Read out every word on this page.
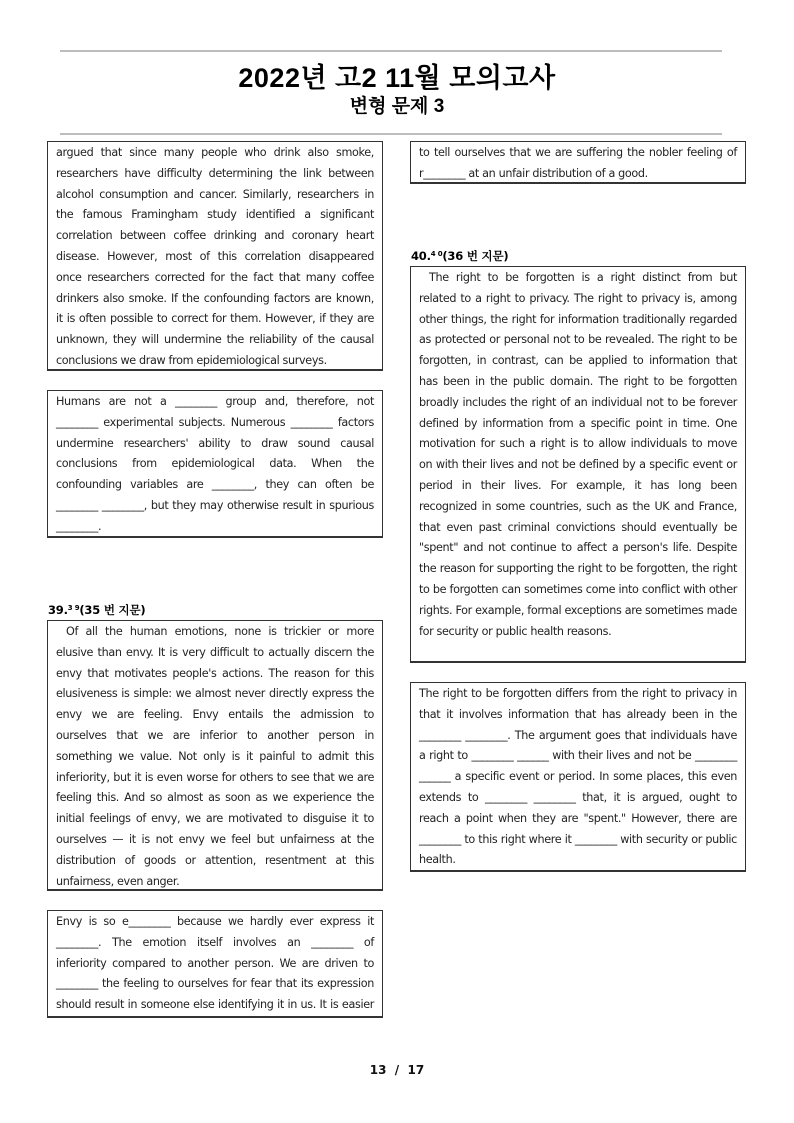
2022년 고2 11월 모의고사
변형 문제 3

argued that since many people who drink also smoke, researchers have difficulty determining the link between alcohol consumption and cancer. Similarly, researchers in the famous Framingham study identified a significant correlation between coffee drinking and coronary heart disease. However, most of this correlation disappeared once researchers corrected for the fact that many coffee drinkers also smoke. If the confounding factors are known, it is often possible to correct for them. However, if they are unknown, they will undermine the reliability of the causal conclusions we draw from epidemiological surveys.

Humans are not a ________ group and, therefore, not ________ experimental subjects. Numerous ________ factors undermine researchers' ability to draw sound causal conclusions from epidemiological data. When the confounding variables are ________, they can often be ________ ________, but they may otherwise result in spurious ________.

39.$^{3 9}$(35 번 지문)

Of all the human emotions, none is trickier or more elusive than envy. It is very difficult to actually discern the envy that motivates people's actions. The reason for this elusiveness is simple: we almost never directly express the envy we are feeling. Envy entails the admission to ourselves that we are inferior to another person in something we value. Not only is it painful to admit this inferiority, but it is even worse for others to see that we are feeling this. And so almost as soon as we experience the initial feelings of envy, we are motivated to disguise it to ourselves — it is not envy we feel but unfairness at the distribution of goods or attention, resentment at this unfairness, even anger.

Envy is so e________ because we hardly ever express it ________. The emotion itself involves an ________ of inferiority compared to another person. We are driven to ________ the feeling to ourselves for fear that its expression should result in someone else identifying it in us. It is easier

to tell ourselves that we are suffering the nobler feeling of r________ at an unfair distribution of a good.

40.$^{4 0}$(36 번 지문)

The right to be forgotten is a right distinct from but related to a right to privacy. The right to privacy is, among other things, the right for information traditionally regarded as protected or personal not to be revealed. The right to be forgotten, in contrast, can be applied to information that has been in the public domain. The right to be forgotten broadly includes the right of an individual not to be forever defined by information from a specific point in time. One motivation for such a right is to allow individuals to move on with their lives and not be defined by a specific event or period in their lives. For example, it has long been recognized in some countries, such as the UK and France, that even past criminal convictions should eventually be "spent" and not continue to affect a person's life. Despite the reason for supporting the right to be forgotten, the right to be forgotten can sometimes come into conflict with other rights. For example, formal exceptions are sometimes made for security or public health reasons.

The right to be forgotten differs from the right to privacy in that it involves information that has already been in the ________ ________. The argument goes that individuals have a right to ________ ______ with their lives and not be ________ ______ a specific event or period. In some places, this even extends to ________ ________ that, it is argued, ought to reach a point when they are "spent." However, there are ________ to this right where it ________ with security or public health.

13  /  17
